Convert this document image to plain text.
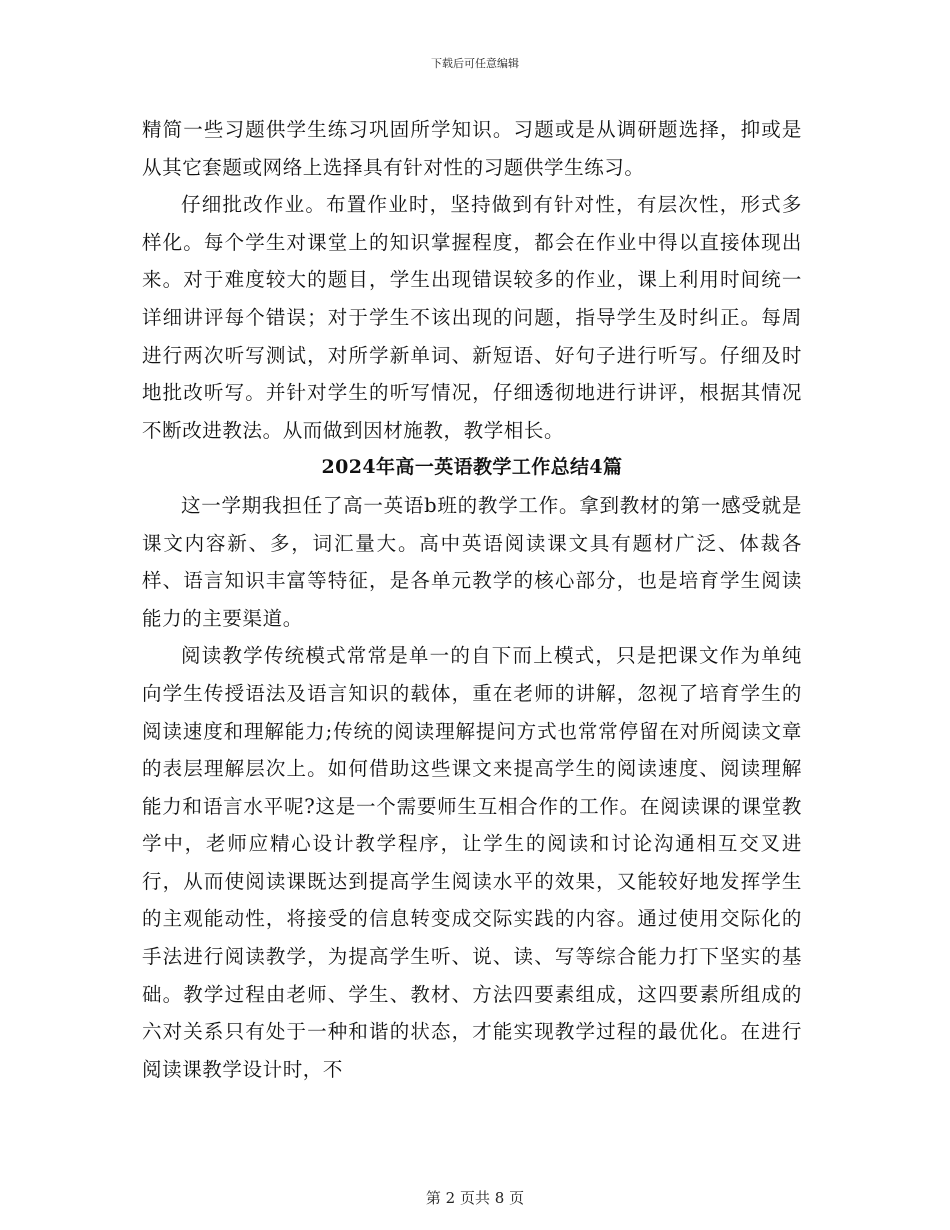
下载后可任意编辑

精简一些习题供学生练习巩固所学知识。习题或是从调研题选择，抑或是从其它套题或网络上选择具有针对性的习题供学生练习。

仔细批改作业。布置作业时，坚持做到有针对性，有层次性，形式多样化。每个学生对课堂上的知识掌握程度，都会在作业中得以直接体现出来。对于难度较大的题目，学生出现错误较多的作业，课上利用时间统一详细讲评每个错误；对于学生不该出现的问题，指导学生及时纠正。每周进行两次听写测试，对所学新单词、新短语、好句子进行听写。仔细及时地批改听写。并针对学生的听写情况，仔细透彻地进行讲评，根据其情况不断改进教法。从而做到因材施教，教学相长。

2024年高一英语教学工作总结4篇

这一学期我担任了高一英语b班的教学工作。拿到教材的第一感受就是课文内容新、多，词汇量大。高中英语阅读课文具有题材广泛、体裁各样、语言知识丰富等特征，是各单元教学的核心部分，也是培育学生阅读能力的主要渠道。

阅读教学传统模式常常是单一的自下而上模式，只是把课文作为单纯向学生传授语法及语言知识的载体，重在老师的讲解，忽视了培育学生的阅读速度和理解能力;传统的阅读理解提问方式也常常停留在对所阅读文章的表层理解层次上。如何借助这些课文来提高学生的阅读速度、阅读理解能力和语言水平呢?这是一个需要师生互相合作的工作。在阅读课的课堂教学中，老师应精心设计教学程序，让学生的阅读和讨论沟通相互交叉进行，从而使阅读课既达到提高学生阅读水平的效果，又能较好地发挥学生的主观能动性，将接受的信息转变成交际实践的内容。通过使用交际化的手法进行阅读教学，为提高学生听、说、读、写等综合能力打下坚实的基础。教学过程由老师、学生、教材、方法四要素组成，这四要素所组成的六对关系只有处于一种和谐的状态，才能实现教学过程的最优化。在进行阅读课教学设计时，不

第 2 页共 8 页
